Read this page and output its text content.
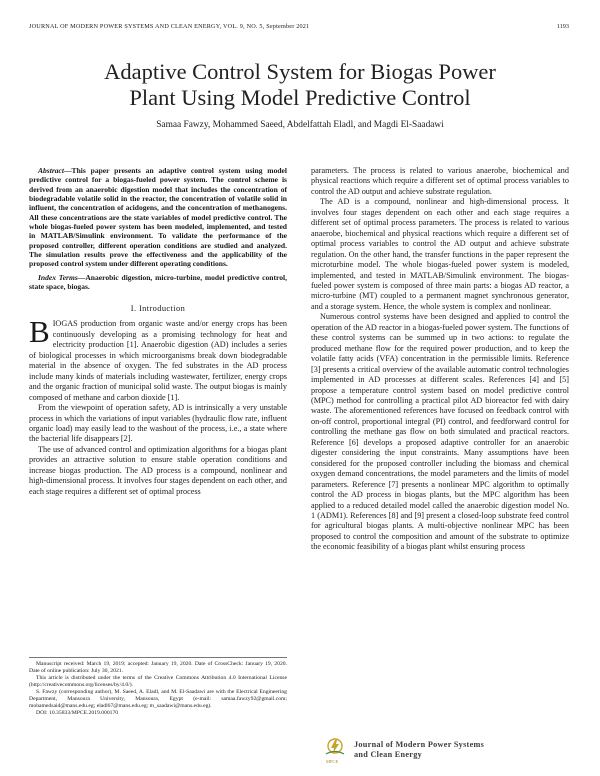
JOURNAL OF MODERN POWER SYSTEMS AND CLEAN ENERGY, VOL. 9, NO. 5, September 2021	1193
Adaptive Control System for Biogas Power
Plant Using Model Predictive Control
Samaa Fawzy, Mohammed Saeed, Abdelfattah Eladl, and Magdi El-Saadawi

Abstract—This paper presents an adaptive control system using model predictive control for a biogas-fueled power system. The control scheme is derived from an anaerobic digestion model that includes the concentration of biodegradable volatile solid in the reactor, the concentration of volatile solid in influent, the concentration of acidogens, and the concentration of methanogens. All these concentrations are the state variables of model predictive control. The whole biogas-fueled power system has been modeled, implemented, and tested in MATLAB/Simulink environment. To validate the performance of the proposed controller, different operation conditions are studied and analyzed. The simulation results prove the effectiveness and the applicability of the proposed control system under different operating conditions.

Index Terms—Anaerobic digestion, micro-turbine, model predictive control, state space, biogas.

I. Introduction

BIOGAS production from organic waste and/or energy crops has been continuously developing as a promising technology for heat and electricity production [1]. Anaerobic digestion (AD) includes a series of biological processes in which microorganisms break down biodegradable material in the absence of oxygen. The fed substrates in the AD process include many kinds of materials including wastewater, fertilizer, energy crops and the organic fraction of municipal solid waste. The output biogas is mainly composed of methane and carbon dioxide [1].

From the viewpoint of operation safety, AD is intrinsically a very unstable process in which the variations of input variables (hydraulic flow rate, influent organic load) may easily lead to the washout of the process, i.e., a state where the bacterial life disappears [2].

The use of advanced control and optimization algorithms for a biogas plant provides an attractive solution to ensure stable operation conditions and increase biogas production. The AD process is a compound, nonlinear and high-dimensional process. It involves four stages dependent on each other, and each stage requires a different set of optimal process

Manuscript received: March 19, 2019; accepted: January 19, 2020. Date of CrossCheck: January 19, 2020. Date of online publication: July 30, 2021.

This article is distributed under the terms of the Creative Commons Attribution 4.0 International License (http://creativecommons.org/licenses/by/4.0/).

S. Fawzy (corresponding author), M. Saeed, A. Eladl, and M. El-Saadawi are with the Electrical Engineering Department, Mansoura University, Mansoura, Egypt (e-mail: samaa.fawzy92@gmail.com; mohamedsaid@mans.edu.eg; eladl67@mans.edu.eg; m_saadawi@mans.edu.eg).

DOI: 10.35833/MPCE.2019.000170

parameters. The process is related to various anaerobe, biochemical and physical reactions which require a different set of optimal process variables to control the AD output and achieve substrate regulation.

The AD is a compound, nonlinear and high-dimensional process. It involves four stages dependent on each other and each stage requires a different set of optimal process parameters. The process is related to various anaerobe, biochemical and physical reactions which require a different set of optimal process variables to control the AD output and achieve substrate regulation. On the other hand, the transfer functions in the paper represent the microturbine model. The whole biogas-fueled power system is modeled, implemented, and tested in MATLAB/Simulink environment. The biogas-fueled power system is composed of three main parts: a biogas AD reactor, a micro-turbine (MT) coupled to a permanent magnet synchronous generator, and a storage system. Hence, the whole system is complex and nonlinear.

Numerous control systems have been designed and applied to control the operation of the AD reactor in a biogas-fueled power system. The functions of these control systems can be summed up in two actions: to regulate the produced methane flow for the required power production, and to keep the volatile fatty acids (VFA) concentration in the permissible limits. Reference [3] presents a critical overview of the available automatic control technologies implemented in AD processes at different scales. References [4] and [5] propose a temperature control system based on model predictive control (MPC) method for controlling a practical pilot AD bioreactor fed with dairy waste. The aforementioned references have focused on feedback control with on-off control, proportional integral (PI) control, and feedforward control for controlling the methane gas flow on both simulated and practical reactors. Reference [6] develops a proposed adaptive controller for an anaerobic digester considering the input constraints. Many assumptions have been considered for the proposed controller including the biomass and chemical oxygen demand concentrations, the model parameters and the limits of model parameters. Reference [7] presents a nonlinear MPC algorithm to optimally control the AD process in biogas plants, but the MPC algorithm has been applied to a reduced detailed model called the anaerobic digestion model No. 1 (ADM1). References [8] and [9] present a closed-loop substrate feed control for agricultural biogas plants. A multi-objective nonlinear MPC has been proposed to control the composition and amount of the substrate to optimize the economic feasibility of a biogas plant whilst ensuring process

Journal of Modern Power Systems
and Clean Energy
MPCE
